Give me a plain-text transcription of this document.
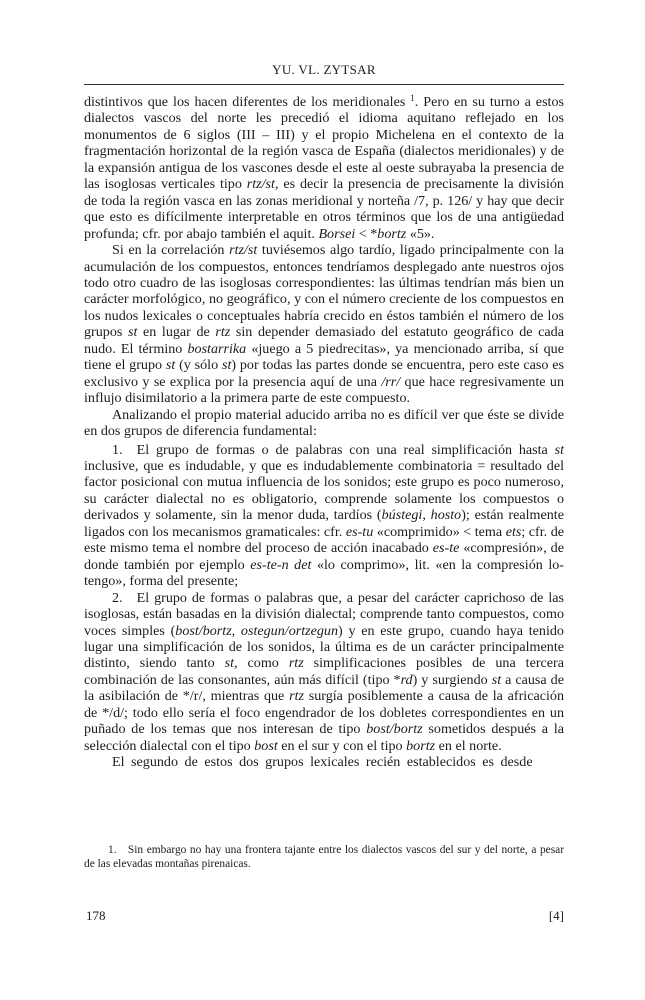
YU. VL. ZYTSAR

distintivos que los hacen diferentes de los meridionales $^1$. Pero en su turno a estos dialectos vascos del norte les precedió el idioma aquitano reflejado en los monumentos de 6 siglos (III – III) y el propio Michelena en el contexto de la fragmentación horizontal de la región vasca de España (dialectos meridionales) y de la expansión antigua de los vascones desde el este al oeste subrayaba la presencia de las isoglosas verticales tipo rtz/st, es decir la presencia de precisamente la división de toda la región vasca en las zonas meridional y norteña /7, p. 126/ y hay que decir que esto es difícilmente interpretable en otros términos que los de una antigüedad profunda; cfr. por abajo también el aquit. Borsei < *bortz «5».

Si en la correlación rtz/st tuviésemos algo tardío, ligado principalmente con la acumulación de los compuestos, entonces tendríamos desplegado ante nuestros ojos todo otro cuadro de las isoglosas correspondientes: las últimas tendrían más bien un carácter morfológico, no geográfico, y con el número creciente de los compuestos en los nudos lexicales o conceptuales habría crecido en éstos también el número de los grupos st en lugar de rtz sin depender demasiado del estatuto geográfico de cada nudo. El término bostarrika «juego a 5 piedrecitas», ya mencionado arriba, sí que tiene el grupo st (y sólo st) por todas las partes donde se encuentra, pero este caso es exclusivo y se explica por la presencia aquí de una /rr/ que hace regresivamente un influjo disimilatorio a la primera parte de este compuesto.

Analizando el propio material aducido arriba no es difícil ver que éste se divide en dos grupos de diferencia fundamental:

1. El grupo de formas o de palabras con una real simplificación hasta st inclusive, que es indudable, y que es indudablemente combinatoria = resultado del factor posicional con mutua influencia de los sonidos; este grupo es poco numeroso, su carácter dialectal no es obligatorio, comprende solamente los compuestos o derivados y solamente, sin la menor duda, tardíos (bústegi, hosto); están realmente ligados con los mecanismos gramaticales: cfr. es-tu «comprimido» < tema ets; cfr. de este mismo tema el nombre del proceso de acción inacabado es-te «compresión», de donde también por ejemplo es-te-n det «lo comprimo», lit. «en la compresión lo-tengo», forma del presente;

2. El grupo de formas o palabras que, a pesar del carácter caprichoso de las isoglosas, están basadas en la división dialectal; comprende tanto compuestos, como voces simples (bost/bortz, ostegun/ortzegun) y en este grupo, cuando haya tenido lugar una simplificación de los sonidos, la última es de un carácter principalmente distinto, siendo tanto st, como rtz simplificaciones posibles de una tercera combinación de las consonantes, aún más difícil (tipo *rd) y surgiendo st a causa de la asibilación de */r/, mientras que rtz surgía posiblemente a causa de la africación de */d/; todo ello sería el foco engendrador de los dobletes correspondientes en un puñado de los temas que nos interesan de tipo bost/bortz sometidos después a la selección dialectal con el tipo bost en el sur y con el tipo bortz en el norte.

El segundo de estos dos grupos lexicales recién establecidos es desde

1. Sin embargo no hay una frontera tajante entre los dialectos vascos del sur y del norte, a pesar de las elevadas montañas pirenaicas.

178	[4]
